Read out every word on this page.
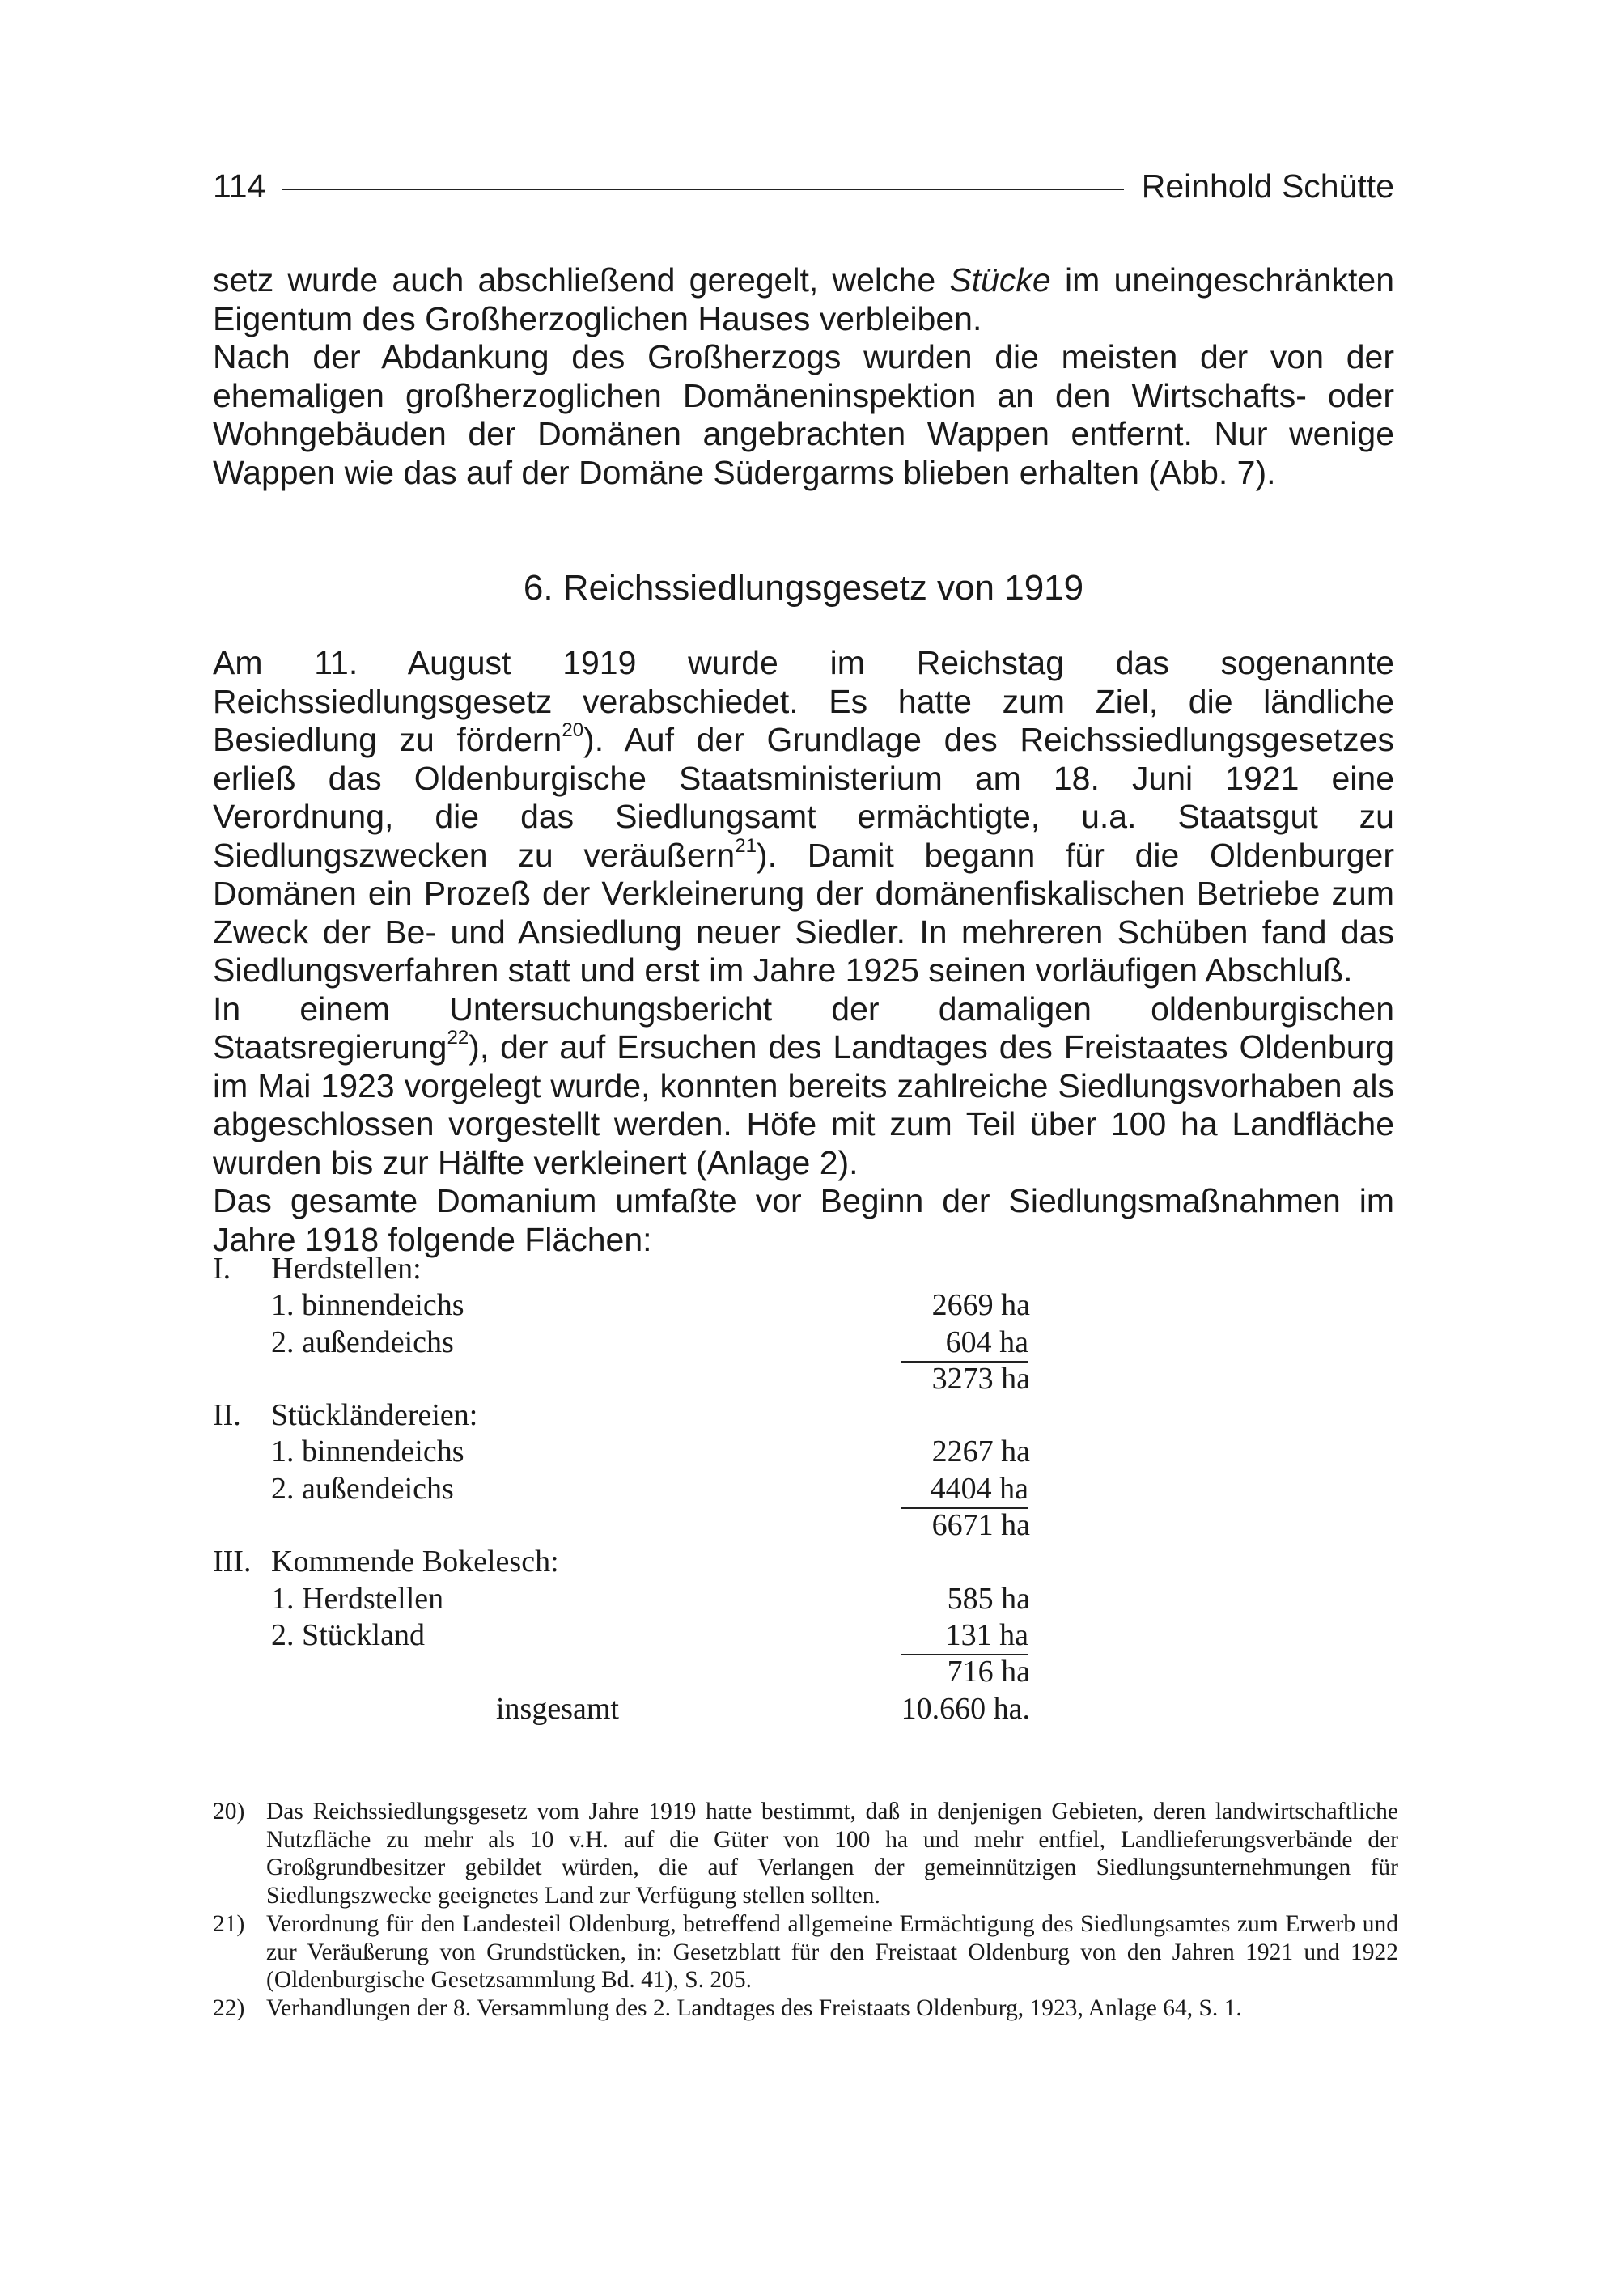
114	Reinhold Schütte

setz wurde auch abschließend geregelt, welche Stücke im uneingeschränkten Eigentum des Großherzoglichen Hauses verbleiben.

Nach der Abdankung des Großherzogs wurden die meisten der von der ehemaligen großherzoglichen Domäneninspektion an den Wirtschafts- oder Wohngebäuden der Domänen angebrachten Wappen entfernt. Nur wenige Wappen wie das auf der Domäne Südergarms blieben erhalten (Abb. 7).

6. Reichssiedlungsgesetz von 1919

Am 11. August 1919 wurde im Reichstag das sogenannte Reichssiedlungsgesetz verabschiedet. Es hatte zum Ziel, die ländliche Besiedlung zu fördern$^{20}$). Auf der Grundlage des Reichssiedlungsgesetzes erließ das Oldenburgische Staatsministerium am 18. Juni 1921 eine Verordnung, die das Siedlungsamt ermächtigte, u.a. Staatsgut zu Siedlungszwecken zu veräußern$^{21}$). Damit begann für die Oldenburger Domänen ein Prozeß der Verkleinerung der domänenfiskalischen Betriebe zum Zweck der Be- und Ansiedlung neuer Siedler. In mehreren Schüben fand das Siedlungsverfahren statt und erst im Jahre 1925 seinen vorläufigen Abschluß.

In einem Untersuchungsbericht der damaligen oldenburgischen Staatsregierung$^{22}$), der auf Ersuchen des Landtages des Freistaates Oldenburg im Mai 1923 vorgelegt wurde, konnten bereits zahlreiche Siedlungsvorhaben als abgeschlossen vorgestellt werden. Höfe mit zum Teil über 100 ha Landfläche wurden bis zur Hälfte verkleinert (Anlage 2).

Das gesamte Domanium umfaßte vor Beginn der Siedlungsmaßnahmen im Jahre 1918 folgende Flächen:

I. Herdstellen:
1. binnendeichs	2669 ha
2. außendeichs	604 ha
3273 ha
II. Stückländereien:
1. binnendeichs	2267 ha
2. außendeichs	4404 ha
6671 ha
III. Kommende Bokelesch:
1. Herdstellen	585 ha
2. Stückland	131 ha
716 ha
insgesamt	10.660 ha.

20) Das Reichssiedlungsgesetz vom Jahre 1919 hatte bestimmt, daß in denjenigen Gebieten, deren landwirtschaftliche Nutzfläche zu mehr als 10 v.H. auf die Güter von 100 ha und mehr entfiel, Landlieferungsverbände der Großgrundbesitzer gebildet würden, die auf Verlangen der gemeinnützigen Siedlungsunternehmungen für Siedlungszwecke geeignetes Land zur Verfügung stellen sollten.

21) Verordnung für den Landesteil Oldenburg, betreffend allgemeine Ermächtigung des Siedlungsamtes zum Erwerb und zur Veräußerung von Grundstücken, in: Gesetzblatt für den Freistaat Oldenburg von den Jahren 1921 und 1922 (Oldenburgische Gesetzsammlung Bd. 41), S. 205.

22) Verhandlungen der 8. Versammlung des 2. Landtages des Freistaats Oldenburg, 1923, Anlage 64, S. 1.
